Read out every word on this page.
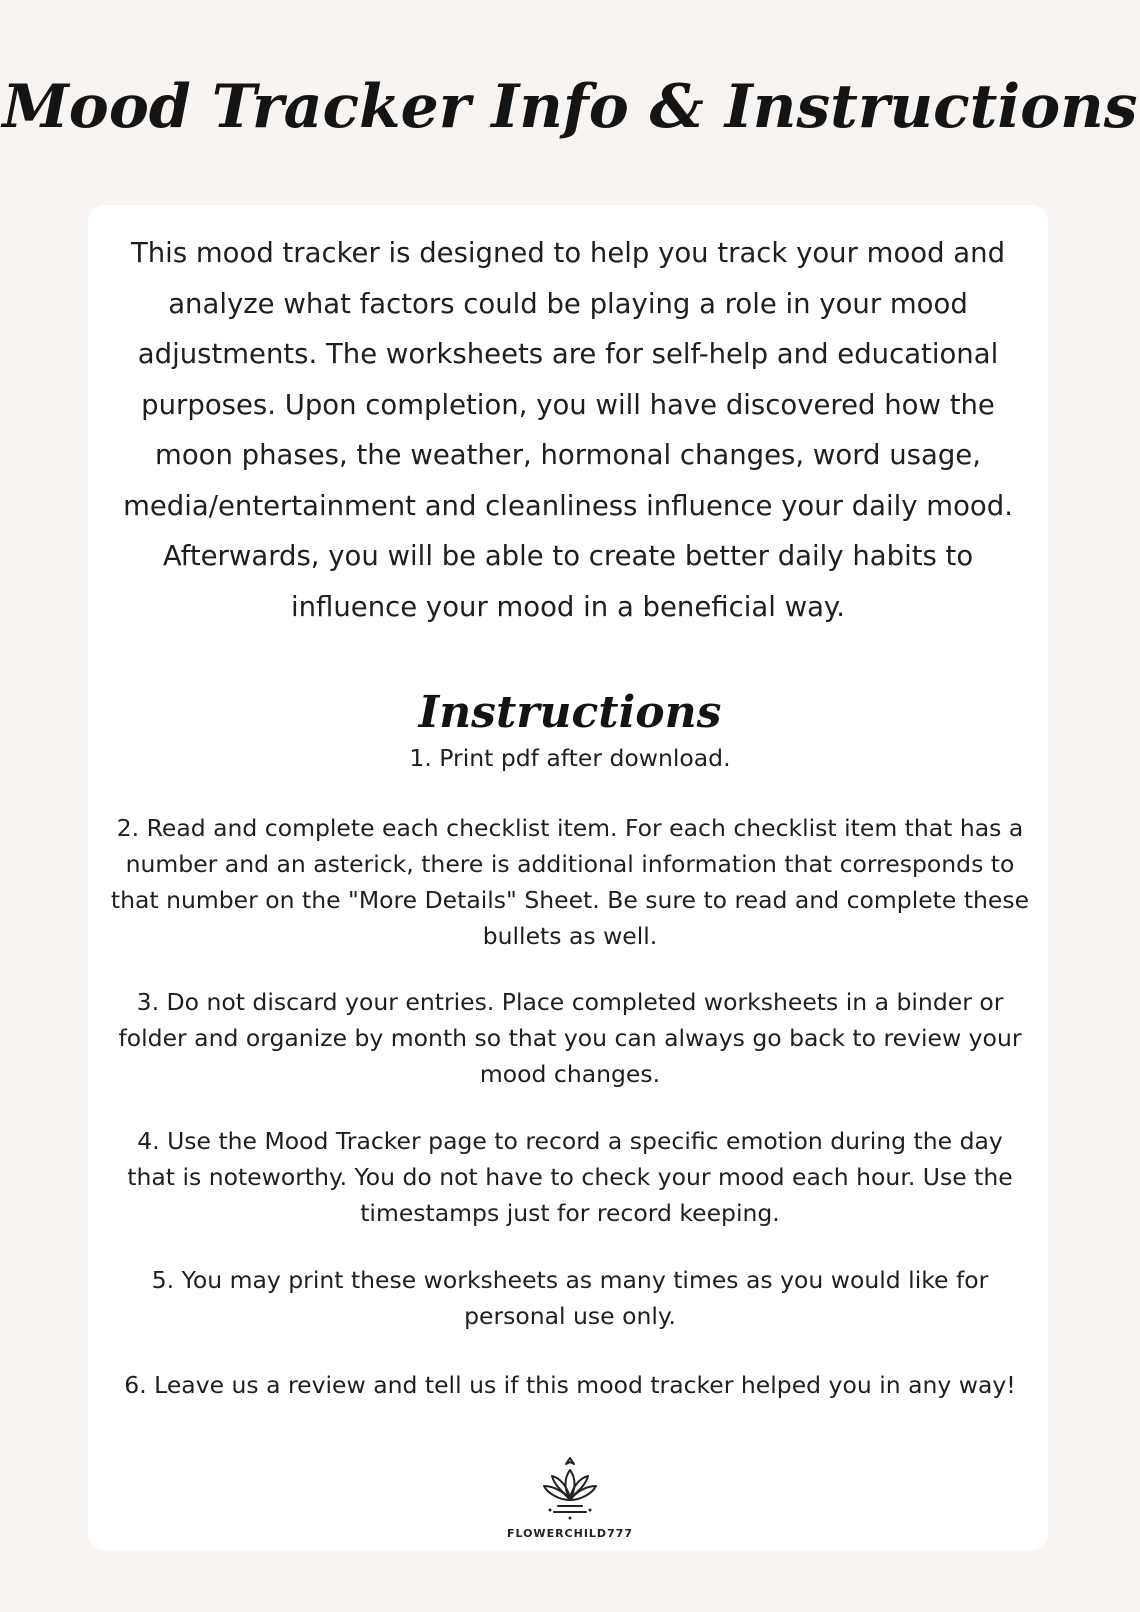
Mood Tracker Info & Instructions

This mood tracker is designed to help you track your mood and analyze what factors could be playing a role in your mood adjustments. The worksheets are for self-help and educational purposes. Upon completion, you will have discovered how the moon phases, the weather, hormonal changes, word usage, media/entertainment and cleanliness influence your daily mood. Afterwards, you will be able to create better daily habits to influence your mood in a beneficial way.

Instructions

1. Print pdf after download.

2. Read and complete each checklist item. For each checklist item that has a number and an asterick, there is additional information that corresponds to that number on the "More Details" Sheet. Be sure to read and complete these bullets as well.

3. Do not discard your entries. Place completed worksheets in a binder or folder and organize by month so that you can always go back to review your mood changes.

4. Use the Mood Tracker page to record a specific emotion during the day that is noteworthy. You do not have to check your mood each hour. Use the timestamps just for record keeping.

5. You may print these worksheets as many times as you would like for personal use only.

6. Leave us a review and tell us if this mood tracker helped you in any way!

FLOWERCHILD777
